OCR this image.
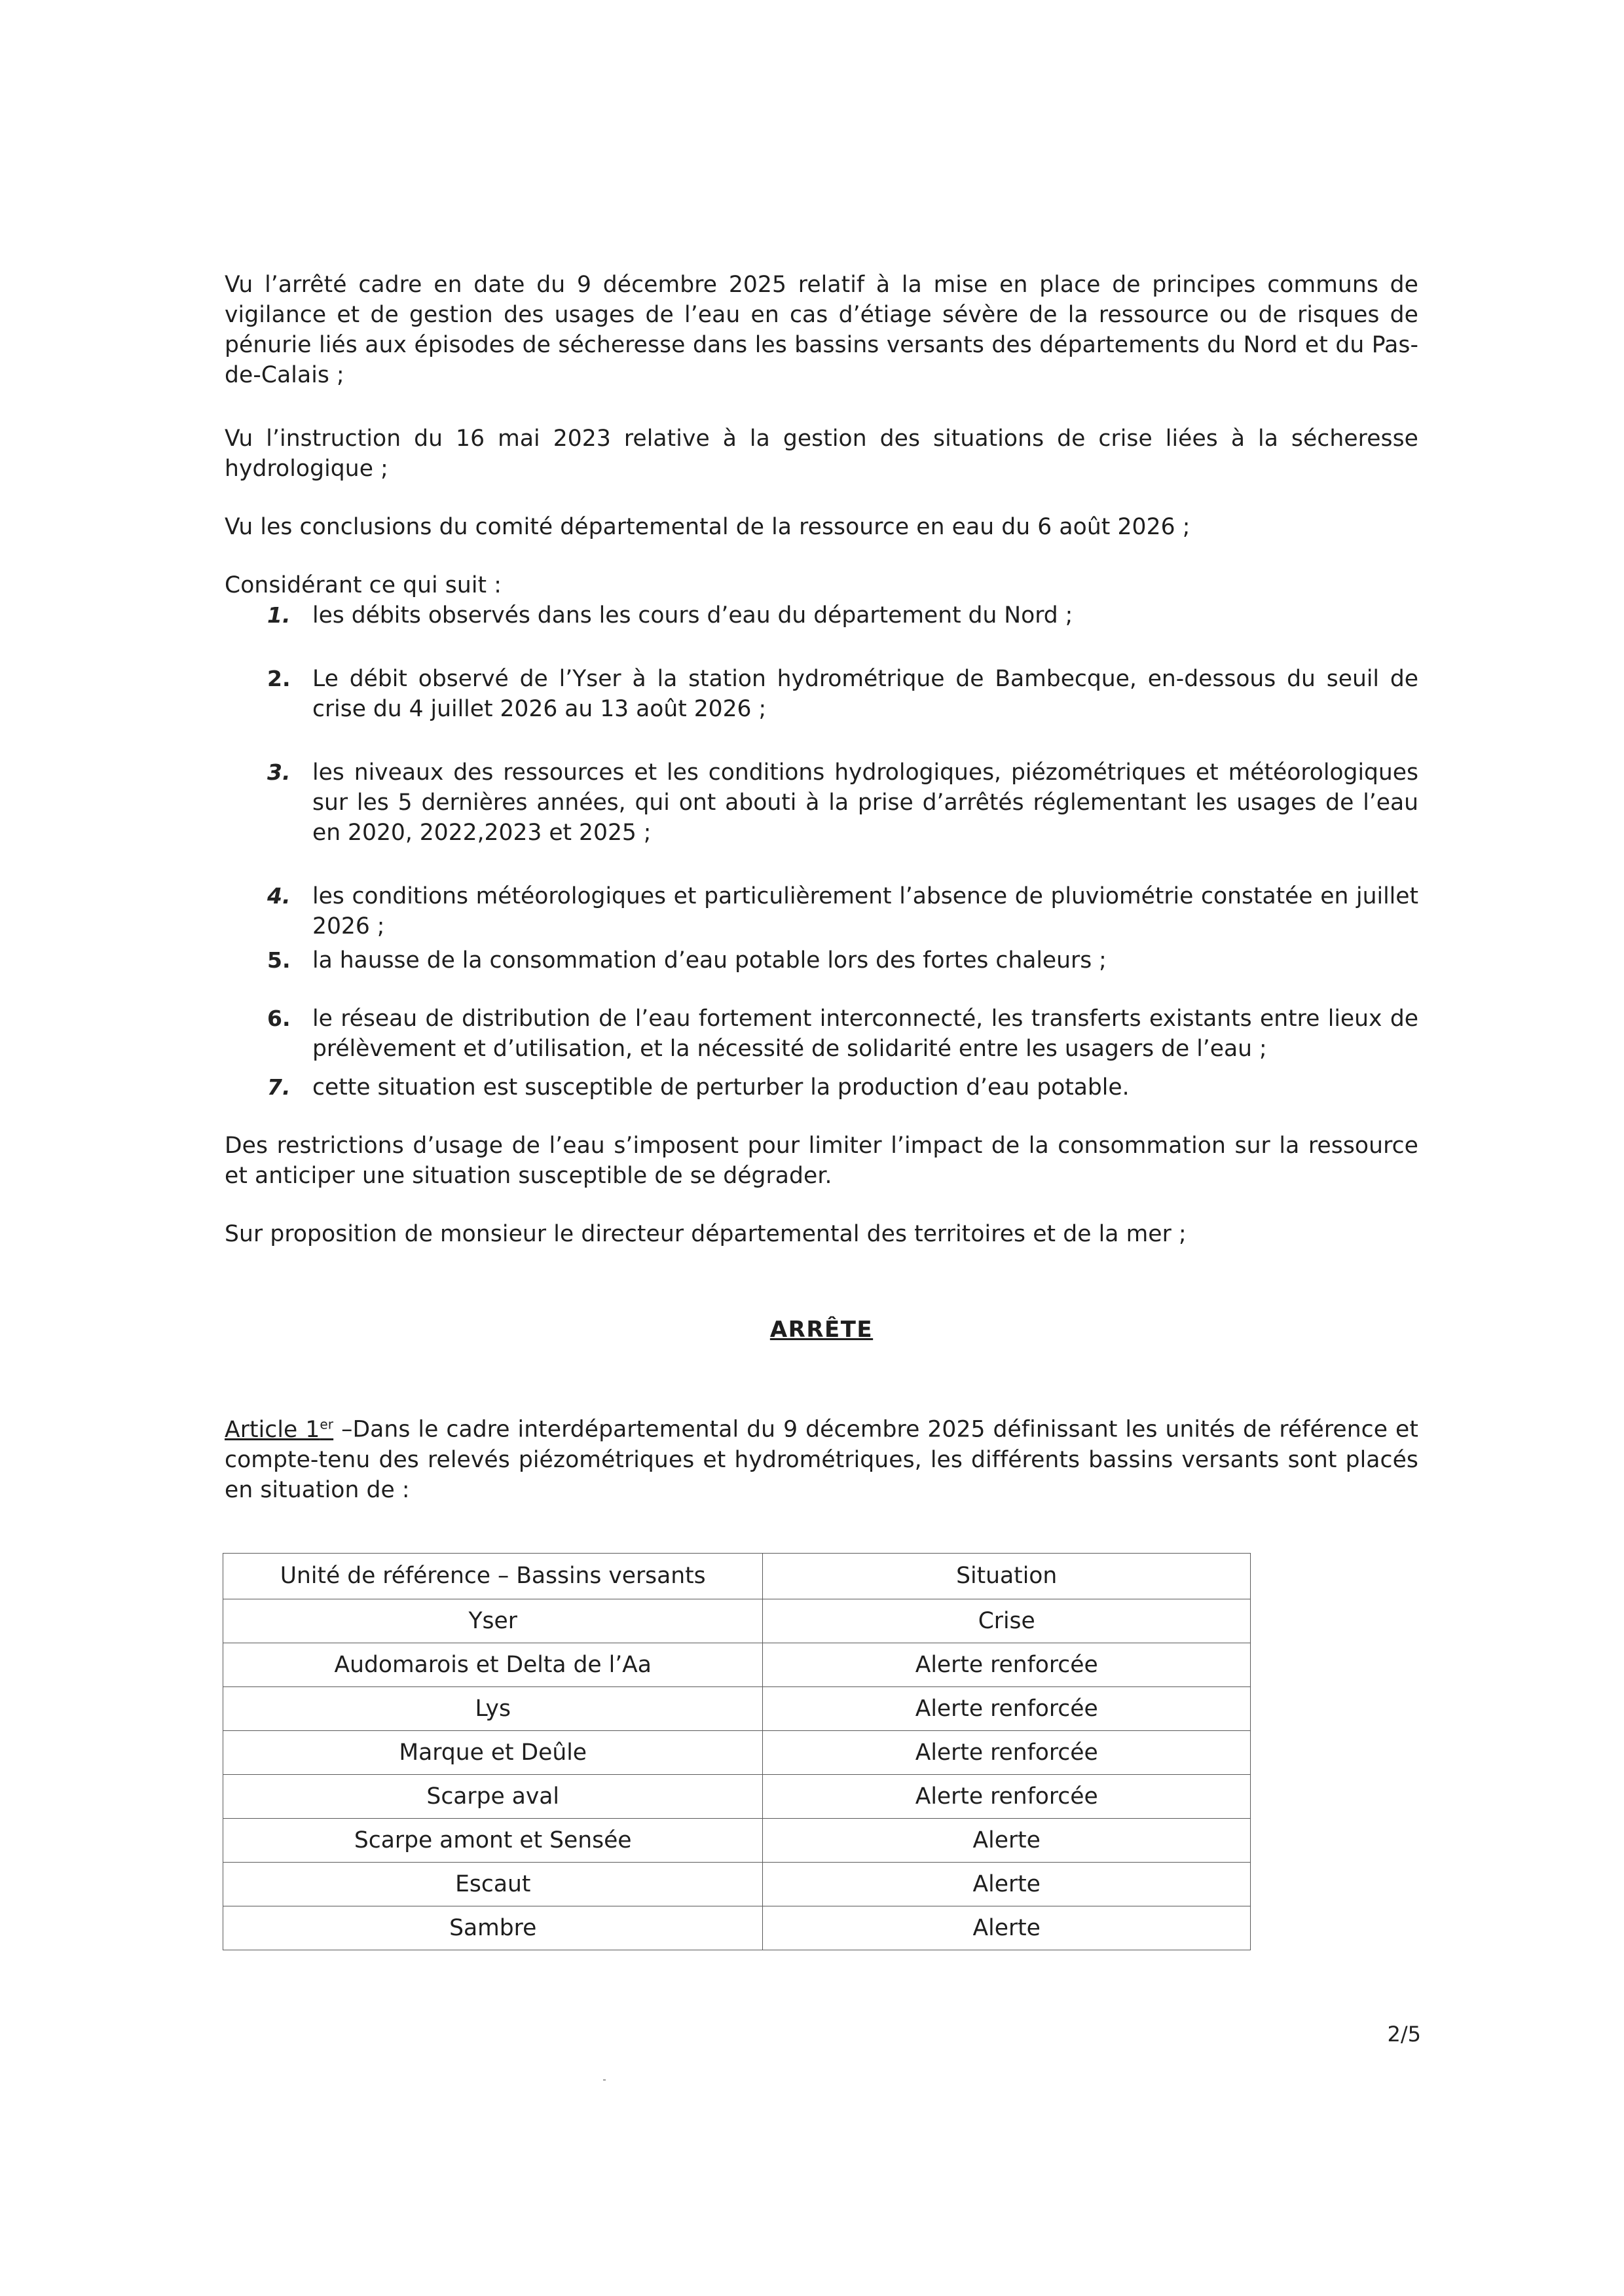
Vu l’arrêté cadre en date du 9 décembre 2025 relatif à la mise en place de principes communs de vigilance et de gestion des usages de l’eau en cas d’étiage sévère de la ressource ou de risques de pénurie liés aux épisodes de sécheresse dans les bassins versants des départements du Nord et du Pas-de-Calais ;

Vu l’instruction du 16 mai 2023 relative à la gestion des situations de crise liées à la sécheresse hydrologique ;

Vu les conclusions du comité départemental de la ressource en eau du 6 août 2026 ;

Considérant ce qui suit :

1. les débits observés dans les cours d’eau du département du Nord ;
2. Le débit observé de l’Yser à la station hydrométrique de Bambecque, en-dessous du seuil de crise du 4 juillet 2026 au 13 août 2026 ;
3. les niveaux des ressources et les conditions hydrologiques, piézométriques et météorologiques sur les 5 dernières années, qui ont abouti à la prise d’arrêtés réglementant les usages de l’eau en 2020, 2022,2023 et 2025 ;
4. les conditions météorologiques et particulièrement l’absence de pluviométrie constatée en juillet 2026 ;
5. la hausse de la consommation d’eau potable lors des fortes chaleurs ;
6. le réseau de distribution de l’eau fortement interconnecté, les transferts existants entre lieux de prélèvement et d’utilisation, et la nécessité de solidarité entre les usagers de l’eau ;
7. cette situation est susceptible de perturber la production d’eau potable.

Des restrictions d’usage de l’eau s’imposent pour limiter l’impact de la consommation sur la ressource et anticiper une situation susceptible de se dégrader.

Sur proposition de monsieur le directeur départemental des territoires et de la mer ;

ARRÊTE

Article 1er –Dans le cadre interdépartemental du 9 décembre 2025 définissant les unités de référence et compte-tenu des relevés piézométriques et hydrométriques, les différents bassins versants sont placés en situation de :

Unité de référence – Bassins versants	Situation
Yser	Crise
Audomarois et Delta de l’Aa	Alerte renforcée
Lys	Alerte renforcée
Marque et Deûle	Alerte renforcée
Scarpe aval	Alerte renforcée
Scarpe amont et Sensée	Alerte
Escaut	Alerte
Sambre	Alerte
2/5
